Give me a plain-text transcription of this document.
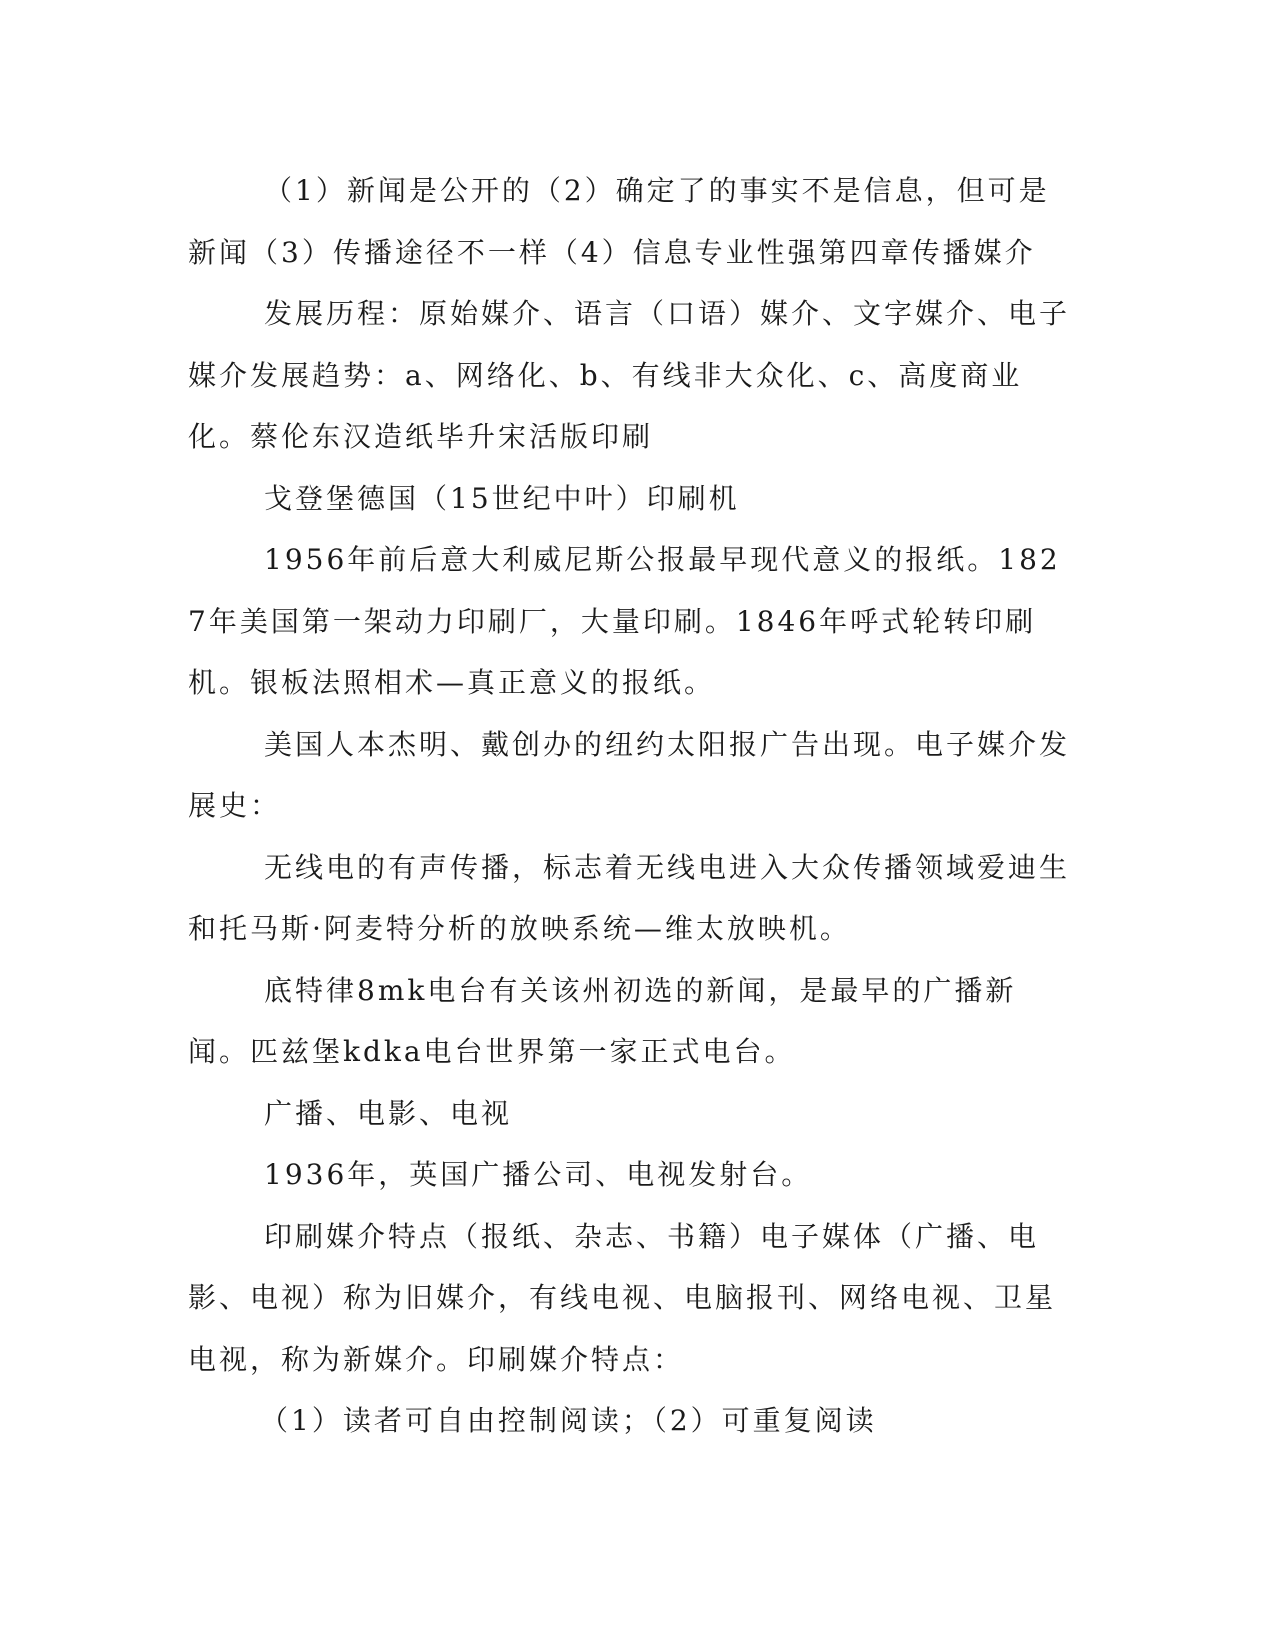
（1）新闻是公开的（2）确定了的事实不是信息，但可是新闻（3）传播途径不一样（4）信息专业性强第四章传播媒介

发展历程：原始媒介、语言（口语）媒介、文字媒介、电子媒介发展趋势：a、网络化、b、有线非大众化、c、高度商业化。蔡伦东汉造纸毕升宋活版印刷

戈登堡德国（15世纪中叶）印刷机

1956年前后意大利威尼斯公报最早现代意义的报纸。1827年美国第一架动力印刷厂，大量印刷。1846年呼式轮转印刷机。银板法照相术—真正意义的报纸。

美国人本杰明、戴创办的纽约太阳报广告出现。电子媒介发展史：

无线电的有声传播，标志着无线电进入大众传播领域爱迪生和托马斯·阿麦特分析的放映系统—维太放映机。

底特律8mk电台有关该州初选的新闻，是最早的广播新闻。匹兹堡kdka电台世界第一家正式电台。

广播、电影、电视

1936年，英国广播公司、电视发射台。

印刷媒介特点（报纸、杂志、书籍）电子媒体（广播、电影、电视）称为旧媒介，有线电视、电脑报刊、网络电视、卫星电视，称为新媒介。印刷媒介特点：

（1）读者可自由控制阅读；（2）可重复阅读
